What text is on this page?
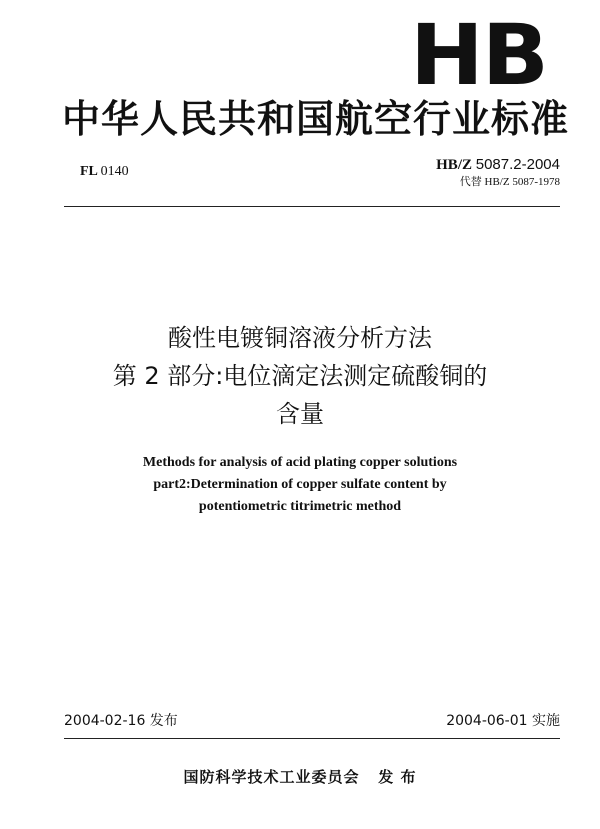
HB
中华人民共和国航空行业标准
FL 0140	HB/Z 5087.2-2004
代替 HB/Z 5087-1978
酸性电镀铜溶液分析方法
第 2 部分:电位滴定法测定硫酸铜的
含量
Methods for analysis of acid plating copper solutions
part2:Determination of copper sulfate content by
potentiometric titrimetric method
2004-02-16 发布	2004-06-01 实施
国防科学技术工业委员会 发 布
